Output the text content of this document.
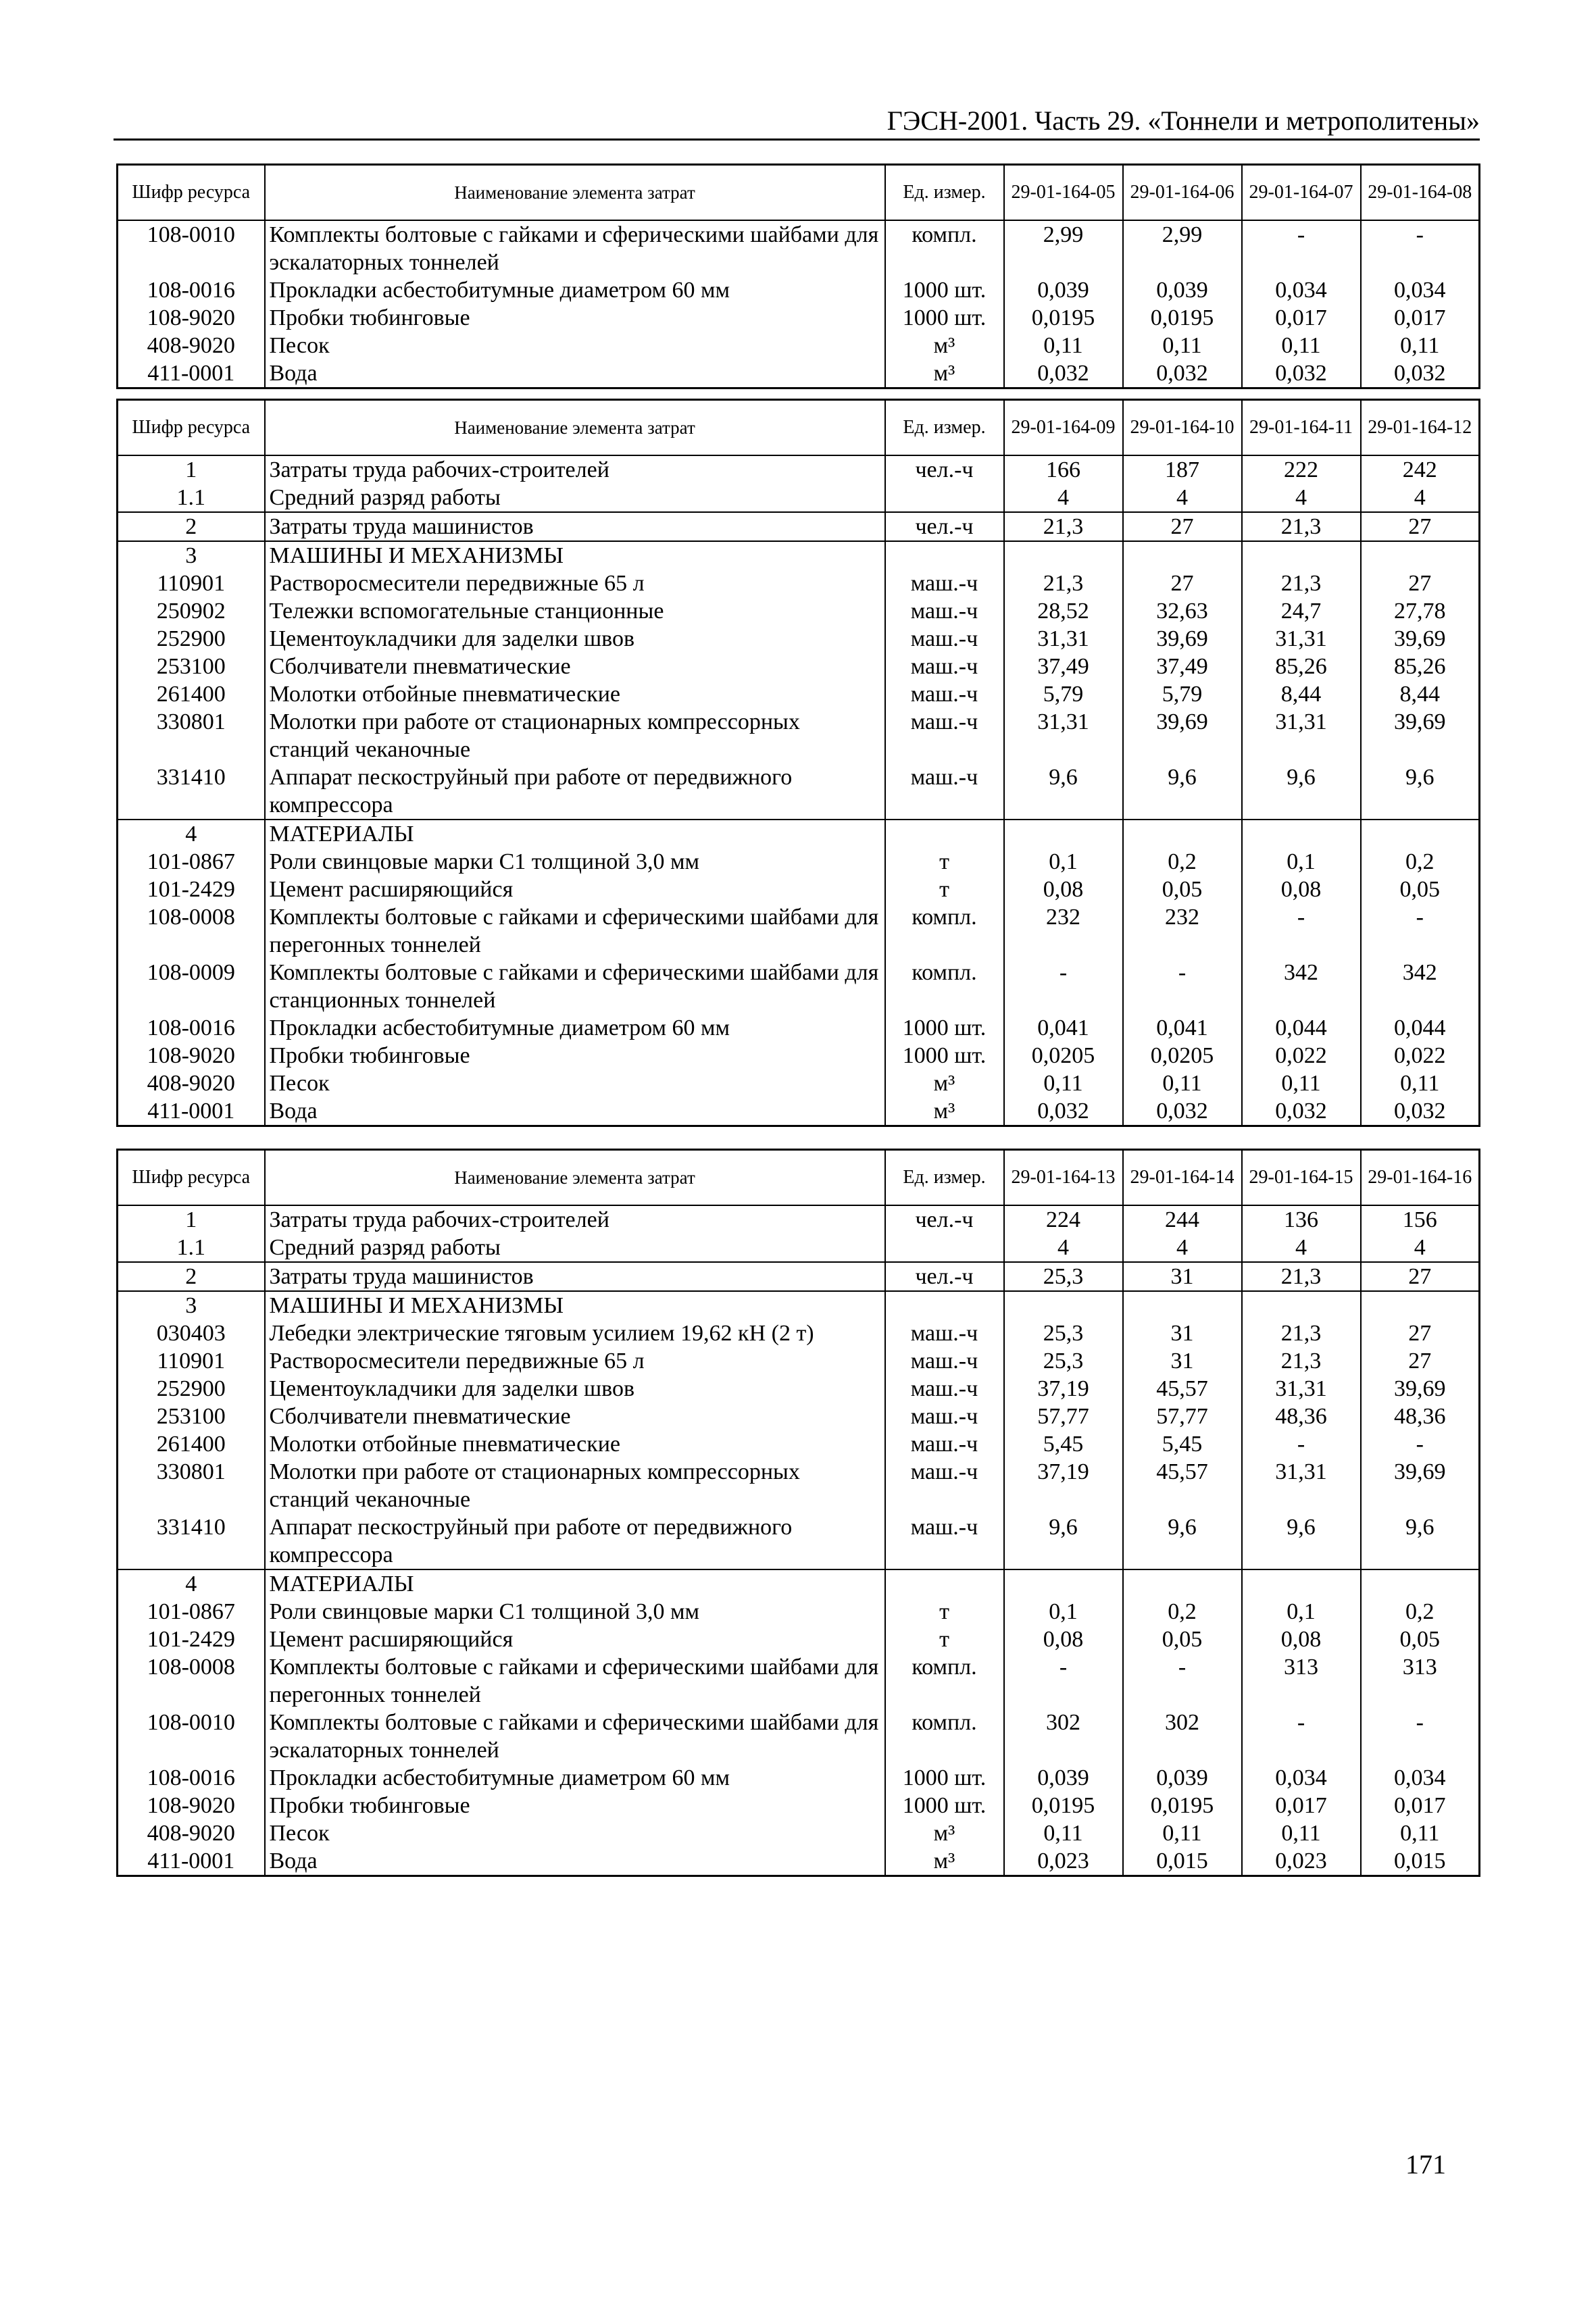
ГЭСН-2001. Часть 29. «Тоннели и метрополитены»
Шифр ресурса	Наименование элемента затрат	Ед. измер.	29-01-164-05	29-01-164-06	29-01-164-07	29-01-164-08
108-0010	Комплекты болтовые с гайками и сферическими шайбами для эскалаторных тоннелей	компл.	2,99	2,99	-	-
108-0016	Прокладки асбестобитумные диаметром 60 мм	1000 шт.	0,039	0,039	0,034	0,034
108-9020	Пробки тюбинговые	1000 шт.	0,0195	0,0195	0,017	0,017
408-9020	Песок	м³	0,11	0,11	0,11	0,11
411-0001	Вода	м³	0,032	0,032	0,032	0,032
Шифр ресурса	Наименование элемента затрат	Ед. измер.	29-01-164-09	29-01-164-10	29-01-164-11	29-01-164-12
1	Затраты труда рабочих-строителей	чел.-ч	166	187	222	242
1.1	Средний разряд работы		4	4	4	4
2	Затраты труда машинистов	чел.-ч	21,3	27	21,3	27
3	МАШИНЫ И МЕХАНИЗМЫ					
110901	Растворосмесители передвижные 65 л	маш.-ч	21,3	27	21,3	27
250902	Тележки вспомогательные станционные	маш.-ч	28,52	32,63	24,7	27,78
252900	Цементоукладчики для заделки швов	маш.-ч	31,31	39,69	31,31	39,69
253100	Сболчиватели пневматические	маш.-ч	37,49	37,49	85,26	85,26
261400	Молотки отбойные пневматические	маш.-ч	5,79	5,79	8,44	8,44
330801	Молотки при работе от стационарных компрессорных станций чеканочные	маш.-ч	31,31	39,69	31,31	39,69
331410	Аппарат пескоструйный при работе от передвижного компрессора	маш.-ч	9,6	9,6	9,6	9,6
4	МАТЕРИАЛЫ					
101-0867	Роли свинцовые марки С1 толщиной 3,0 мм	т	0,1	0,2	0,1	0,2
101-2429	Цемент расширяющийся	т	0,08	0,05	0,08	0,05
108-0008	Комплекты болтовые с гайками и сферическими шайбами для перегонных тоннелей	компл.	232	232	-	-
108-0009	Комплекты болтовые с гайками и сферическими шайбами для станционных тоннелей	компл.	-	-	342	342
108-0016	Прокладки асбестобитумные диаметром 60 мм	1000 шт.	0,041	0,041	0,044	0,044
108-9020	Пробки тюбинговые	1000 шт.	0,0205	0,0205	0,022	0,022
408-9020	Песок	м³	0,11	0,11	0,11	0,11
411-0001	Вода	м³	0,032	0,032	0,032	0,032
Шифр ресурса	Наименование элемента затрат	Ед. измер.	29-01-164-13	29-01-164-14	29-01-164-15	29-01-164-16
1	Затраты труда рабочих-строителей	чел.-ч	224	244	136	156
1.1	Средний разряд работы		4	4	4	4
2	Затраты труда машинистов	чел.-ч	25,3	31	21,3	27
3	МАШИНЫ И МЕХАНИЗМЫ					
030403	Лебедки электрические тяговым усилием 19,62 кН (2 т)	маш.-ч	25,3	31	21,3	27
110901	Растворосмесители передвижные 65 л	маш.-ч	25,3	31	21,3	27
252900	Цементоукладчики для заделки швов	маш.-ч	37,19	45,57	31,31	39,69
253100	Сболчиватели пневматические	маш.-ч	57,77	57,77	48,36	48,36
261400	Молотки отбойные пневматические	маш.-ч	5,45	5,45	-	-
330801	Молотки при работе от стационарных компрессорных станций чеканочные	маш.-ч	37,19	45,57	31,31	39,69
331410	Аппарат пескоструйный при работе от передвижного компрессора	маш.-ч	9,6	9,6	9,6	9,6
4	МАТЕРИАЛЫ					
101-0867	Роли свинцовые марки С1 толщиной 3,0 мм	т	0,1	0,2	0,1	0,2
101-2429	Цемент расширяющийся	т	0,08	0,05	0,08	0,05
108-0008	Комплекты болтовые с гайками и сферическими шайбами для перегонных тоннелей	компл.	-	-	313	313
108-0010	Комплекты болтовые с гайками и сферическими шайбами для эскалаторных тоннелей	компл.	302	302	-	-
108-0016	Прокладки асбестобитумные диаметром 60 мм	1000 шт.	0,039	0,039	0,034	0,034
108-9020	Пробки тюбинговые	1000 шт.	0,0195	0,0195	0,017	0,017
408-9020	Песок	м³	0,11	0,11	0,11	0,11
411-0001	Вода	м³	0,023	0,015	0,023	0,015
171
